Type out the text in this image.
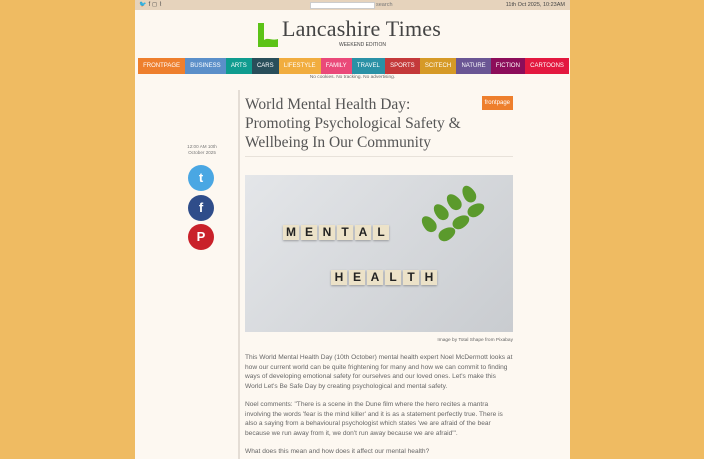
🐦 f ◻ ⌇	search	11th Oct 2025, 10:23AM
Lancashire Times
WEEKEND EDITION
FRONTPAGE	BUSINESS	ARTS	CARS	LIFESTYLE	FAMILY	TRAVEL	SPORTS	SCITECH	NATURE	FICTION	CARTOONS
No cookies. No tracking. No advertising.
12:00 AM 10th October 2025
t
f
P
World Mental Health Day: Promoting Psychological Safety & Wellbeing In Our Community
frontpage
M E N T A L
H E A L T H
Image by Total Shape from Pixabay
This World Mental Health Day (10th October) mental health expert Noel McDermott looks at how our current world can be quite frightening for many and how we can commit to finding ways of developing emotional safety for ourselves and our loved ones. Let's make this World Let's Be Safe Day by creating psychological and mental safety.
Noel comments: "There is a scene in the Dune film where the hero recites a mantra involving the words 'fear is the mind killer' and it is as a statement perfectly true. There is also a saying from a behavioural psychologist which states 'we are afraid of the bear because we run away from it, we don't run away because we are afraid'".
What does this mean and how does it affect our mental health?
